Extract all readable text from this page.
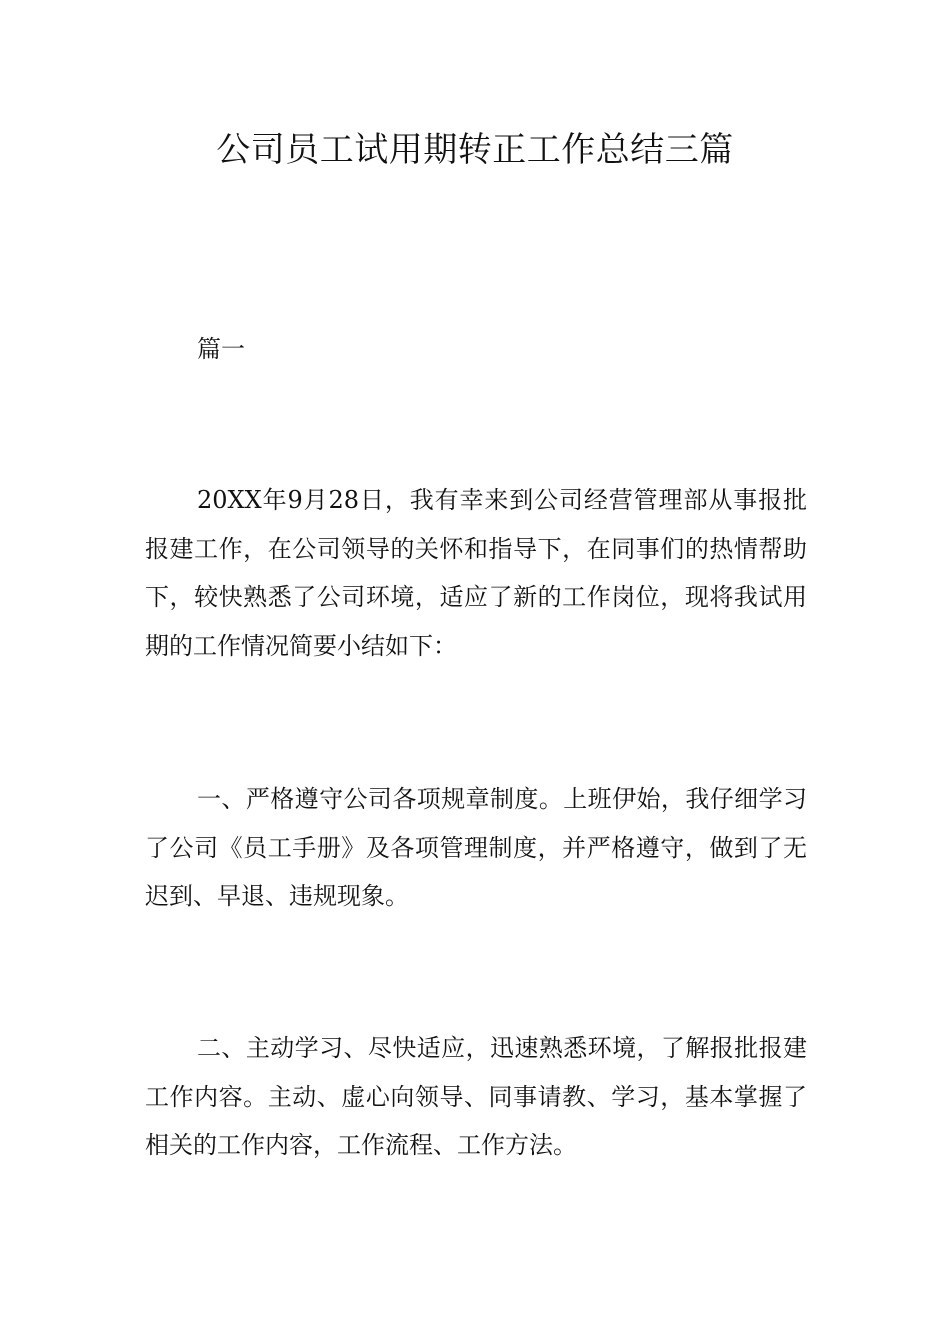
公司员工试用期转正工作总结三篇
篇一

20XX年9月28日，我有幸来到公司经营管理部从事报批报建工作，在公司领导的关怀和指导下，在同事们的热情帮助下，较快熟悉了公司环境，适应了新的工作岗位，现将我试用期的工作情况简要小结如下：

一、严格遵守公司各项规章制度。上班伊始，我仔细学习了公司《员工手册》及各项管理制度，并严格遵守，做到了无迟到、早退、违规现象。

二、主动学习、尽快适应，迅速熟悉环境，了解报批报建工作内容。主动、虚心向领导、同事请教、学习，基本掌握了相关的工作内容，工作流程、工作方法。
